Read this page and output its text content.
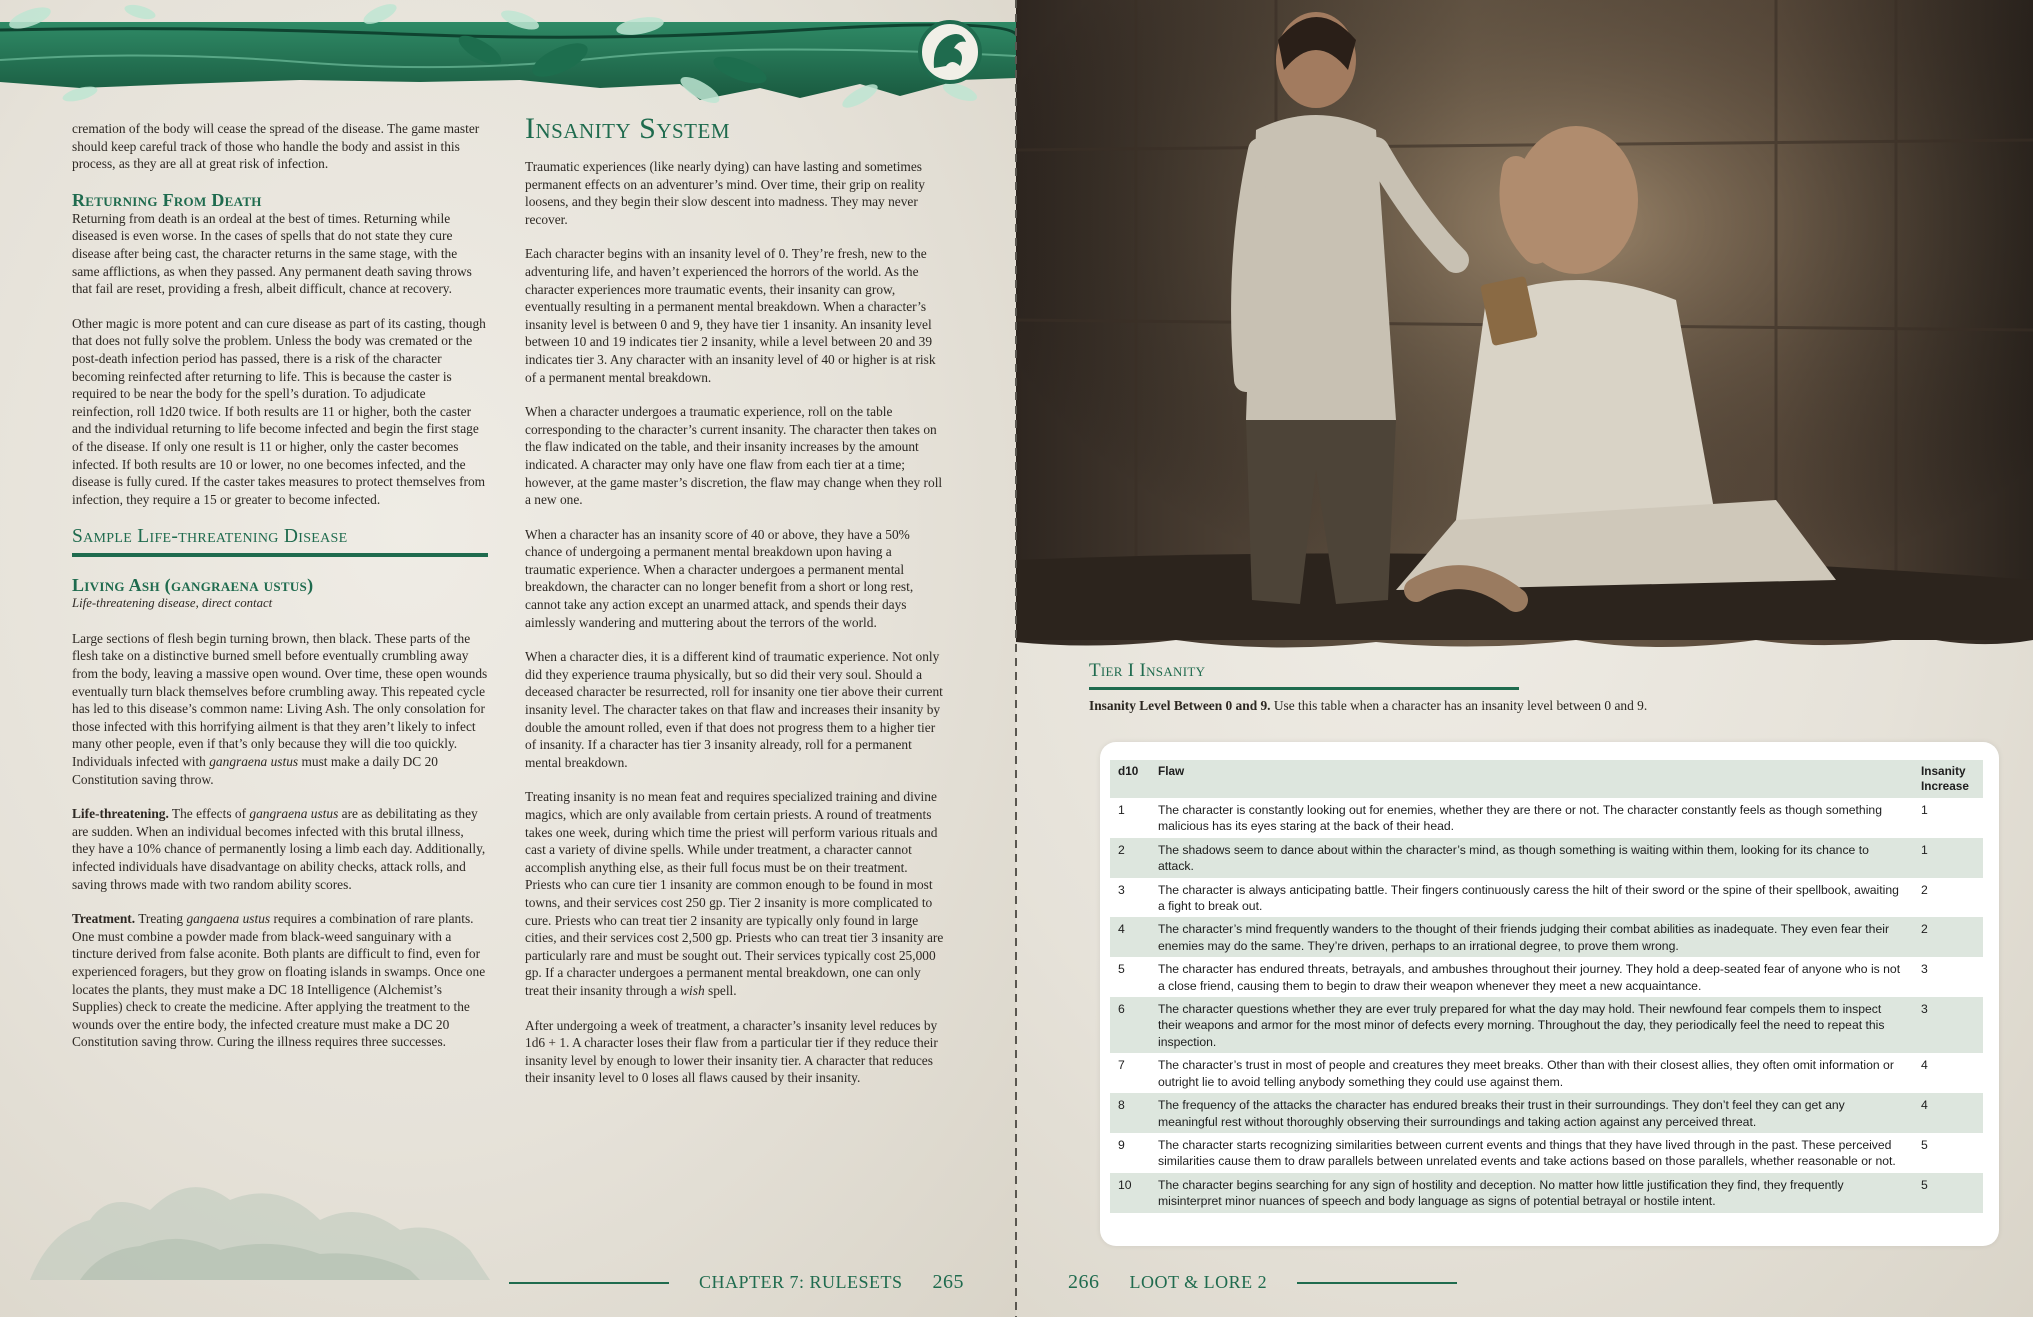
cremation of the body will cease the spread of the disease. The game master should keep careful track of those who handle the body and assist in this process, as they are all at great risk of infection.

Returning From Death

Returning from death is an ordeal at the best of times. Returning while diseased is even worse. In the cases of spells that do not state they cure disease after being cast, the character returns in the same stage, with the same afflictions, as when they passed. Any permanent death saving throws that fail are reset, providing a fresh, albeit difficult, chance at recovery.

Other magic is more potent and can cure disease as part of its casting, though that does not fully solve the problem. Unless the body was cremated or the post-death infection period has passed, there is a risk of the character becoming reinfected after returning to life. This is because the caster is required to be near the body for the spell’s duration. To adjudicate reinfection, roll 1d20 twice. If both results are 11 or higher, both the caster and the individual returning to life become infected and begin the first stage of the disease. If only one result is 11 or higher, only the caster becomes infected. If both results are 10 or lower, no one becomes infected, and the disease is fully cured. If the caster takes measures to protect themselves from infection, they require a 15 or greater to become infected.

Sample Life-threatening Disease
Living Ash (gangraena ustus)
Life-threatening disease, direct contact

Large sections of flesh begin turning brown, then black. These parts of the flesh take on a distinctive burned smell before eventually crumbling away from the body, leaving a massive open wound. Over time, these open wounds eventually turn black themselves before crumbling away. This repeated cycle has led to this disease’s common name: Living Ash. The only consolation for those infected with this horrifying ailment is that they aren’t likely to infect many other people, even if that’s only because they will die too quickly. Individuals infected with gangraena ustus must make a daily DC 20 Constitution saving throw.

Life-threatening. The effects of gangraena ustus are as debilitating as they are sudden. When an individual becomes infected with this brutal illness, they have a 10% chance of permanently losing a limb each day. Additionally, infected individuals have disadvantage on ability checks, attack rolls, and saving throws made with two random ability scores.

Treatment. Treating gangaena ustus requires a combination of rare plants. One must combine a powder made from black-weed sanguinary with a tincture derived from false aconite. Both plants are difficult to find, even for experienced foragers, but they grow on floating islands in swamps. Once one locates the plants, they must make a DC 18 Intelligence (Alchemist’s Supplies) check to create the medicine. After applying the treatment to the wounds over the entire body, the infected creature must make a DC 20 Constitution saving throw. Curing the illness requires three successes.

Insanity System

Traumatic experiences (like nearly dying) can have lasting and sometimes permanent effects on an adventurer’s mind. Over time, their grip on reality loosens, and they begin their slow descent into madness. They may never recover.

Each character begins with an insanity level of 0. They’re fresh, new to the adventuring life, and haven’t experienced the horrors of the world. As the character experiences more traumatic events, their insanity can grow, eventually resulting in a permanent mental breakdown. When a character’s insanity level is between 0 and 9, they have tier 1 insanity. An insanity level between 10 and 19 indicates tier 2 insanity, while a level between 20 and 39 indicates tier 3. Any character with an insanity level of 40 or higher is at risk of a permanent mental breakdown.

When a character undergoes a traumatic experience, roll on the table corresponding to the character’s current insanity. The character then takes on the flaw indicated on the table, and their insanity increases by the amount indicated. A character may only have one flaw from each tier at a time; however, at the game master’s discretion, the flaw may change when they roll a new one.

When a character has an insanity score of 40 or above, they have a 50% chance of undergoing a permanent mental breakdown upon having a traumatic experience. When a character undergoes a permanent mental breakdown, the character can no longer benefit from a short or long rest, cannot take any action except an unarmed attack, and spends their days aimlessly wandering and muttering about the terrors of the world.

When a character dies, it is a different kind of traumatic experience. Not only did they experience trauma physically, but so did their very soul. Should a deceased character be resurrected, roll for insanity one tier above their current insanity level. The character takes on that flaw and increases their insanity by double the amount rolled, even if that does not progress them to a higher tier of insanity. If a character has tier 3 insanity already, roll for a permanent mental breakdown.

Treating insanity is no mean feat and requires specialized training and divine magics, which are only available from certain priests. A round of treatments takes one week, during which time the priest will perform various rituals and cast a variety of divine spells. While under treatment, a character cannot accomplish anything else, as their full focus must be on their treatment. Priests who can cure tier 1 insanity are common enough to be found in most towns, and their services cost 250 gp. Tier 2 insanity is more complicated to cure. Priests who can treat tier 2 insanity are typically only found in large cities, and their services cost 2,500 gp. Priests who can treat tier 3 insanity are particularly rare and must be sought out. Their services typically cost 25,000 gp. If a character undergoes a permanent mental breakdown, one can only treat their insanity through a wish spell.

After undergoing a week of treatment, a character’s insanity level reduces by 1d6 + 1. A character loses their flaw from a particular tier if they reduce their insanity level by enough to lower their insanity tier. A character that reduces their insanity level to 0 loses all flaws caused by their insanity.

CHAPTER 7: RULESETS 265
Tier I Insanity
Insanity Level Between 0 and 9. Use this table when a character has an insanity level between 0 and 9.
d10	Flaw	Insanity Increase
1	The character is constantly looking out for enemies, whether they are there or not. The character constantly feels as though something malicious has its eyes staring at the back of their head.	1
2	The shadows seem to dance about within the character’s mind, as though something is waiting within them, looking for its chance to attack.	1
3	The character is always anticipating battle. Their fingers continuously caress the hilt of their sword or the spine of their spellbook, awaiting a fight to break out.	2
4	The character’s mind frequently wanders to the thought of their friends judging their combat abilities as inadequate. They even fear their enemies may do the same. They’re driven, perhaps to an irrational degree, to prove them wrong.	2
5	The character has endured threats, betrayals, and ambushes throughout their journey. They hold a deep-seated fear of anyone who is not a close friend, causing them to begin to draw their weapon whenever they meet a new acquaintance.	3
6	The character questions whether they are ever truly prepared for what the day may hold. Their newfound fear compels them to inspect their weapons and armor for the most minor of defects every morning. Throughout the day, they periodically feel the need to repeat this inspection.	3
7	The character’s trust in most of people and creatures they meet breaks. Other than with their closest allies, they often omit information or outright lie to avoid telling anybody something they could use against them.	4
8	The frequency of the attacks the character has endured breaks their trust in their surroundings. They don’t feel they can get any meaningful rest without thoroughly observing their surroundings and taking action against any perceived threat.	4
9	The character starts recognizing similarities between current events and things that they have lived through in the past. These perceived similarities cause them to draw parallels between unrelated events and take actions based on those parallels, whether reasonable or not.	5
10	The character begins searching for any sign of hostility and deception. No matter how little justification they find, they frequently misinterpret minor nuances of speech and body language as signs of potential betrayal or hostile intent.	5
266 LOOT & LORE 2
